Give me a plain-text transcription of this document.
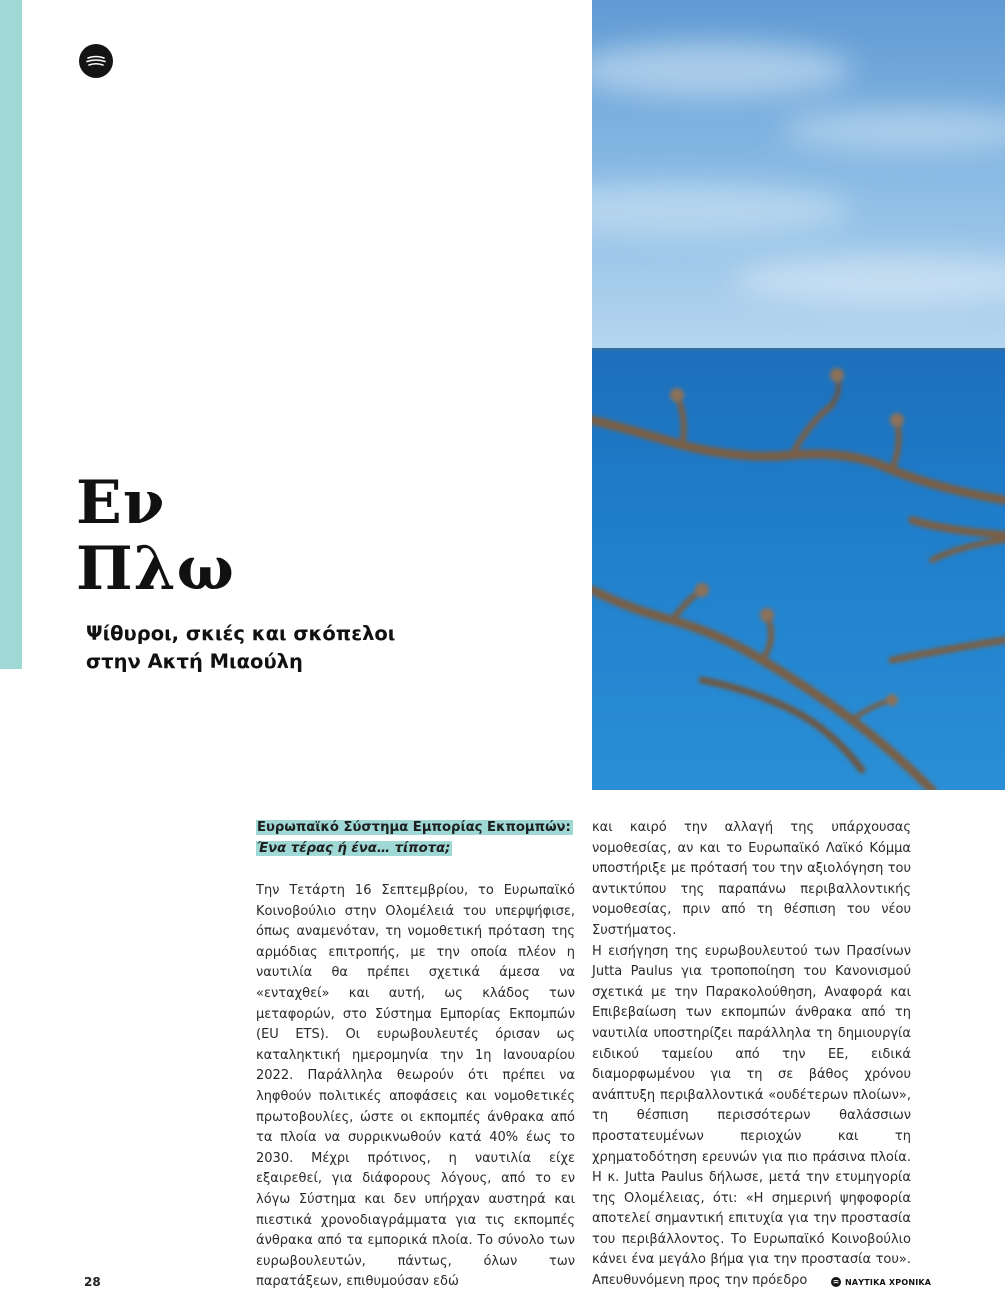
Εν
Πλω
Ψίθυροι, σκιές και σκόπελοι
στην Ακτή Μιαούλη
Ευρωπαϊκό Σύστημα Εμπορίας Εκπομπών:
Ένα τέρας ή ένα… τίποτα;

Την Τετάρτη 16 Σεπτεμβρίου, το Ευρωπαϊκό Κοινοβούλιο στην Ολομέλειά του υπερψήφισε, όπως αναμενόταν, τη νομοθετική πρόταση της αρμόδιας επιτροπής, με την οποία πλέον η ναυτιλία θα πρέπει σχετικά άμεσα να «ενταχθεί» και αυτή, ως κλάδος των μεταφορών, στο Σύστημα Εμπορίας Εκπομπών (EU ETS). Οι ευρωβουλευτές όρισαν ως καταληκτική ημερομηνία την 1η Ιανουαρίου 2022. Παράλληλα θεωρούν ότι πρέπει να ληφθούν πολιτικές αποφάσεις και νομοθετικές πρωτοβουλίες, ώστε οι εκπομπές άνθρακα από τα πλοία να συρρικνωθούν κατά 40% έως το 2030. Μέχρι πρότινος, η ναυτιλία είχε εξαιρεθεί, για διάφορους λόγους, από το εν λόγω Σύστημα και δεν υπήρχαν αυστηρά και πιεστικά χρονοδιαγράμματα για τις εκπομπές άνθρακα από τα εμπορικά πλοία. Το σύνολο των ευρωβουλευτών, πάντως, όλων των παρατάξεων, επιθυμούσαν εδώ

και καιρό την αλλαγή της υπάρχουσας νομοθεσίας, αν και το Ευρωπαϊκό Λαϊκό Κόμμα υποστήριξε με πρότασή του την αξιολόγηση του αντικτύπου της παραπάνω περιβαλλοντικής νομοθεσίας, πριν από τη θέσπιση του νέου Συστήματος.

Η εισήγηση της ευρωβουλευτού των Πρασίνων Jutta Paulus για τροποποίηση του Κανονισμού σχετικά με την Παρακολούθηση, Αναφορά και Επιβεβαίωση των εκπομπών άνθρακα από τη ναυτιλία υποστηρίζει παράλληλα τη δημιουργία ειδικού ταμείου από την ΕΕ, ειδικά διαμορφωμένου για τη σε βάθος χρόνου ανάπτυξη περιβαλλοντικά «ουδέτερων πλοίων», τη θέσπιση περισσότερων θαλάσσιων προστατευμένων περιοχών και τη χρηματοδότηση ερευνών για πιο πράσινα πλοία. Η κ. Jutta Paulus δήλωσε, μετά την ετυμηγορία της Ολομέλειας, ότι: «Η σημερινή ψηφοφορία αποτελεί σημαντική επιτυχία για την προστασία του περιβάλλοντος. Το Ευρωπαϊκό Κοινοβούλιο κάνει ένα μεγάλο βήμα για την προστασία του». Απευθυνόμενη προς την πρόεδρο

28	ΝΑΥΤΙΚΑ ΧΡΟΝΙΚΑ
